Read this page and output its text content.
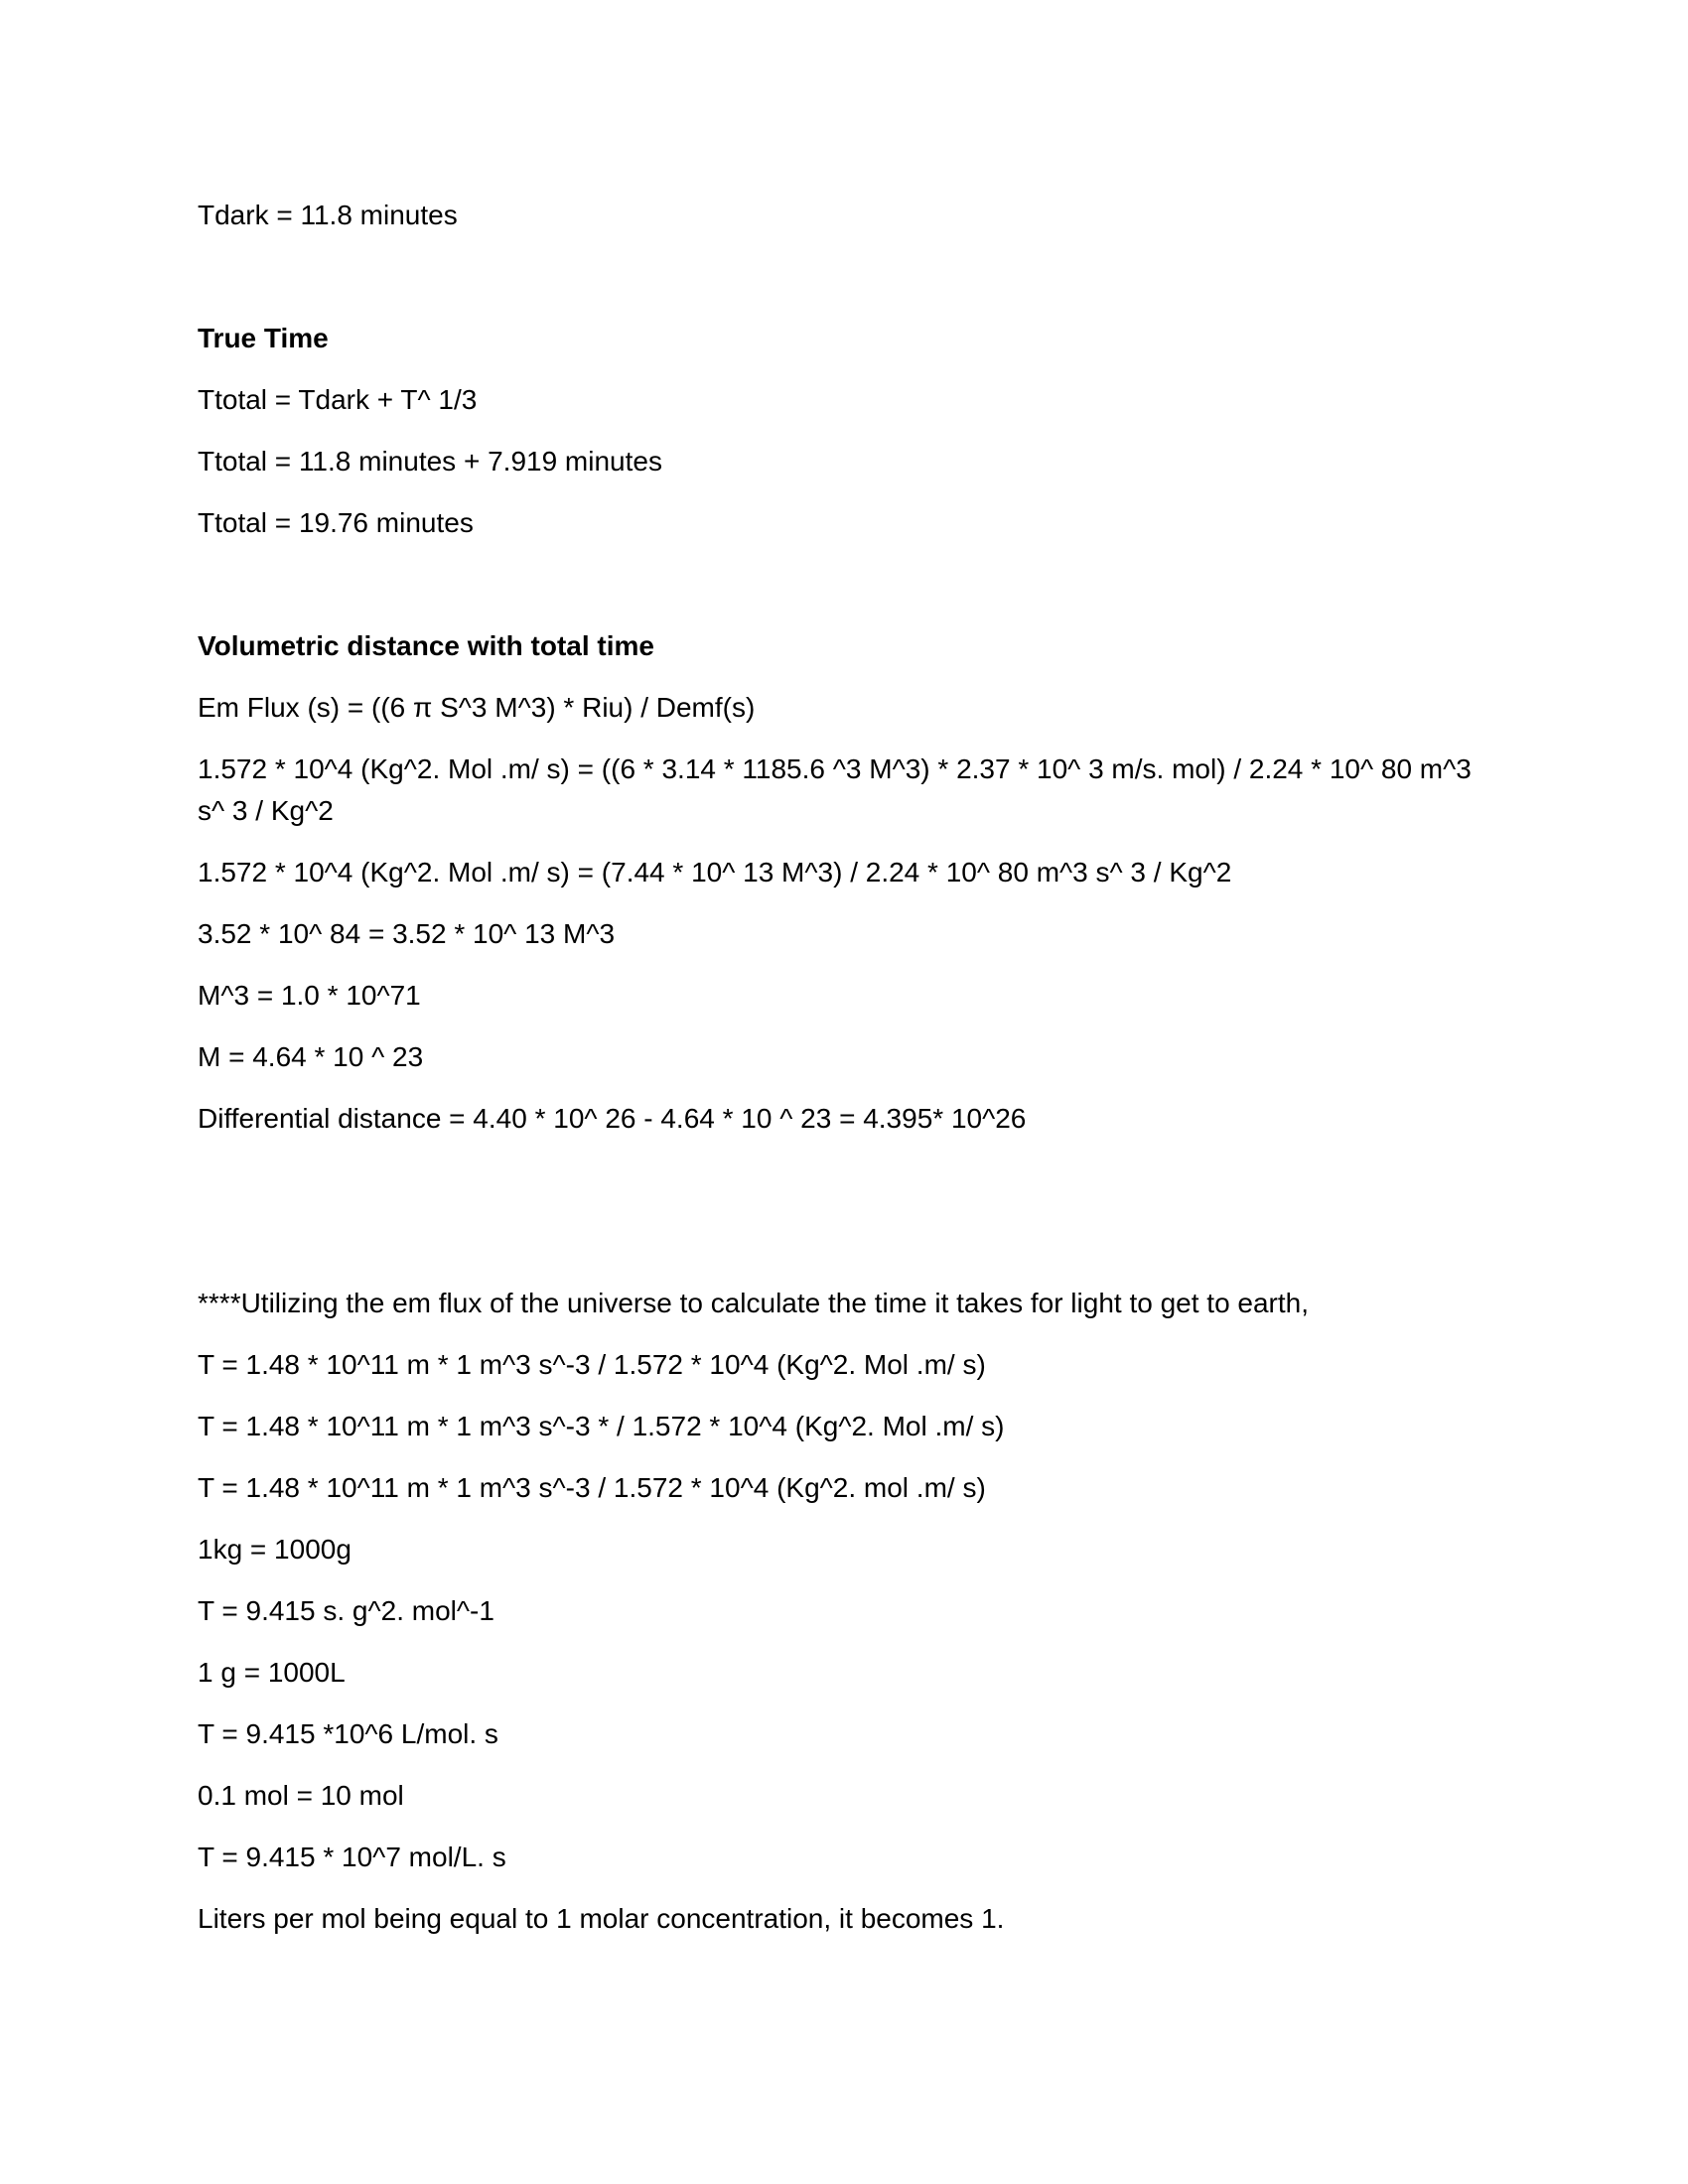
Tdark = 11.8 minutes

True Time

Ttotal = Tdark + T^ 1/3

Ttotal = 11.8 minutes + 7.919 minutes

Ttotal = 19.76 minutes

Volumetric distance with total time

Em Flux (s) = ((6 π S^3 M^3) * Riu) / Demf(s)

1.572 * 10^4 (Kg^2. Mol .m/ s) = ((6 * 3.14 * 1185.6 ^3 M^3) * 2.37 * 10^ 3 m/s. mol) / 2.24 * 10^ 80 m^3 s^ 3 / Kg^2

1.572 * 10^4 (Kg^2. Mol .m/ s) = (7.44 * 10^ 13 M^3) / 2.24 * 10^ 80 m^3 s^ 3 / Kg^2

3.52 * 10^ 84 = 3.52 * 10^ 13 M^3

M^3 = 1.0 * 10^71

M = 4.64 * 10 ^ 23

Differential distance = 4.40 * 10^ 26 - 4.64 * 10 ^ 23 = 4.395* 10^26

****Utilizing the em flux of the universe to calculate the time it takes for light to get to earth,

T = 1.48 * 10^11 m * 1 m^3 s^-3 / 1.572 * 10^4 (Kg^2. Mol .m/ s)

T = 1.48 * 10^11 m * 1 m^3 s^-3 * / 1.572 * 10^4 (Kg^2. Mol .m/ s)

T = 1.48 * 10^11 m * 1 m^3 s^-3 / 1.572 * 10^4 (Kg^2. mol .m/ s)

1kg = 1000g

T = 9.415 s. g^2. mol^-1

1 g = 1000L

T = 9.415 *10^6 L/mol. s

0.1 mol = 10 mol

T = 9.415 * 10^7 mol/L. s

Liters per mol being equal to 1 molar concentration, it becomes 1.
